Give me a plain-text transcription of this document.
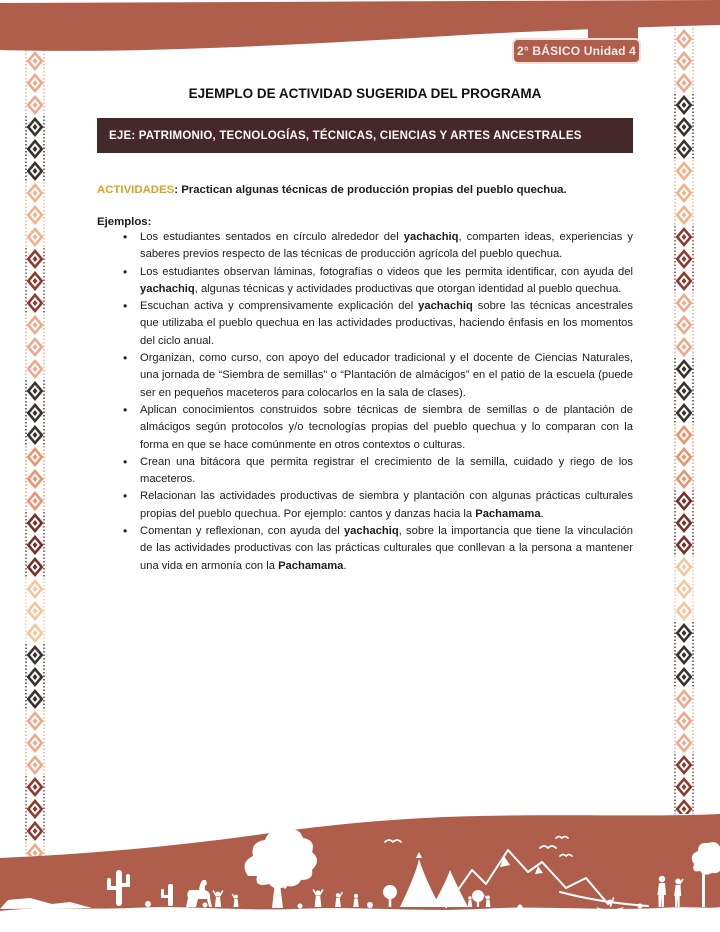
2° BÁSICO Unidad 4
EJEMPLO DE ACTIVIDAD SUGERIDA DEL PROGRAMA
EJE: PATRIMONIO, TECNOLOGÍAS, TÉCNICAS, CIENCIAS Y ARTES ANCESTRALES

ACTIVIDADES: Practican algunas técnicas de producción propias del pueblo quechua.

Ejemplos:

• Los estudiantes sentados en círculo alrededor del yachachiq, comparten ideas, experiencias y saberes previos respecto de las técnicas de producción agrícola del pueblo quechua.
• Los estudiantes observan láminas, fotografías o videos que les permita identificar, con ayuda del yachachiq, algunas técnicas y actividades productivas que otorgan identidad al pueblo quechua.
• Escuchan activa y comprensivamente explicación del yachachiq sobre las técnicas ancestrales que utilizaba el pueblo quechua en las actividades productivas, haciendo énfasis en los momentos del ciclo anual.
• Organizan, como curso, con apoyo del educador tradicional y el docente de Ciencias Naturales, una jornada de “Siembra de semillas” o “Plantación de almácigos” en el patio de la escuela (puede ser en pequeños maceteros para colocarlos en la sala de clases).
• Aplican conocimientos construidos sobre técnicas de siembra de semillas o de plantación de almácigos según protocolos y/o tecnologías propias del pueblo quechua y lo comparan con la forma en que se hace comúnmente en otros contextos o culturas.
• Crean una bitácora que permita registrar el crecimiento de la semilla, cuidado y riego de los maceteros.
• Relacionan las actividades productivas de siembra y plantación con algunas prácticas culturales propias del pueblo quechua. Por ejemplo: cantos y danzas hacia la Pachamama.
• Comentan y reflexionan, con ayuda del yachachiq, sobre la importancia que tiene la vinculación de las actividades productivas con las prácticas culturales que conllevan a la persona a mantener una vida en armonía con la Pachamama.
